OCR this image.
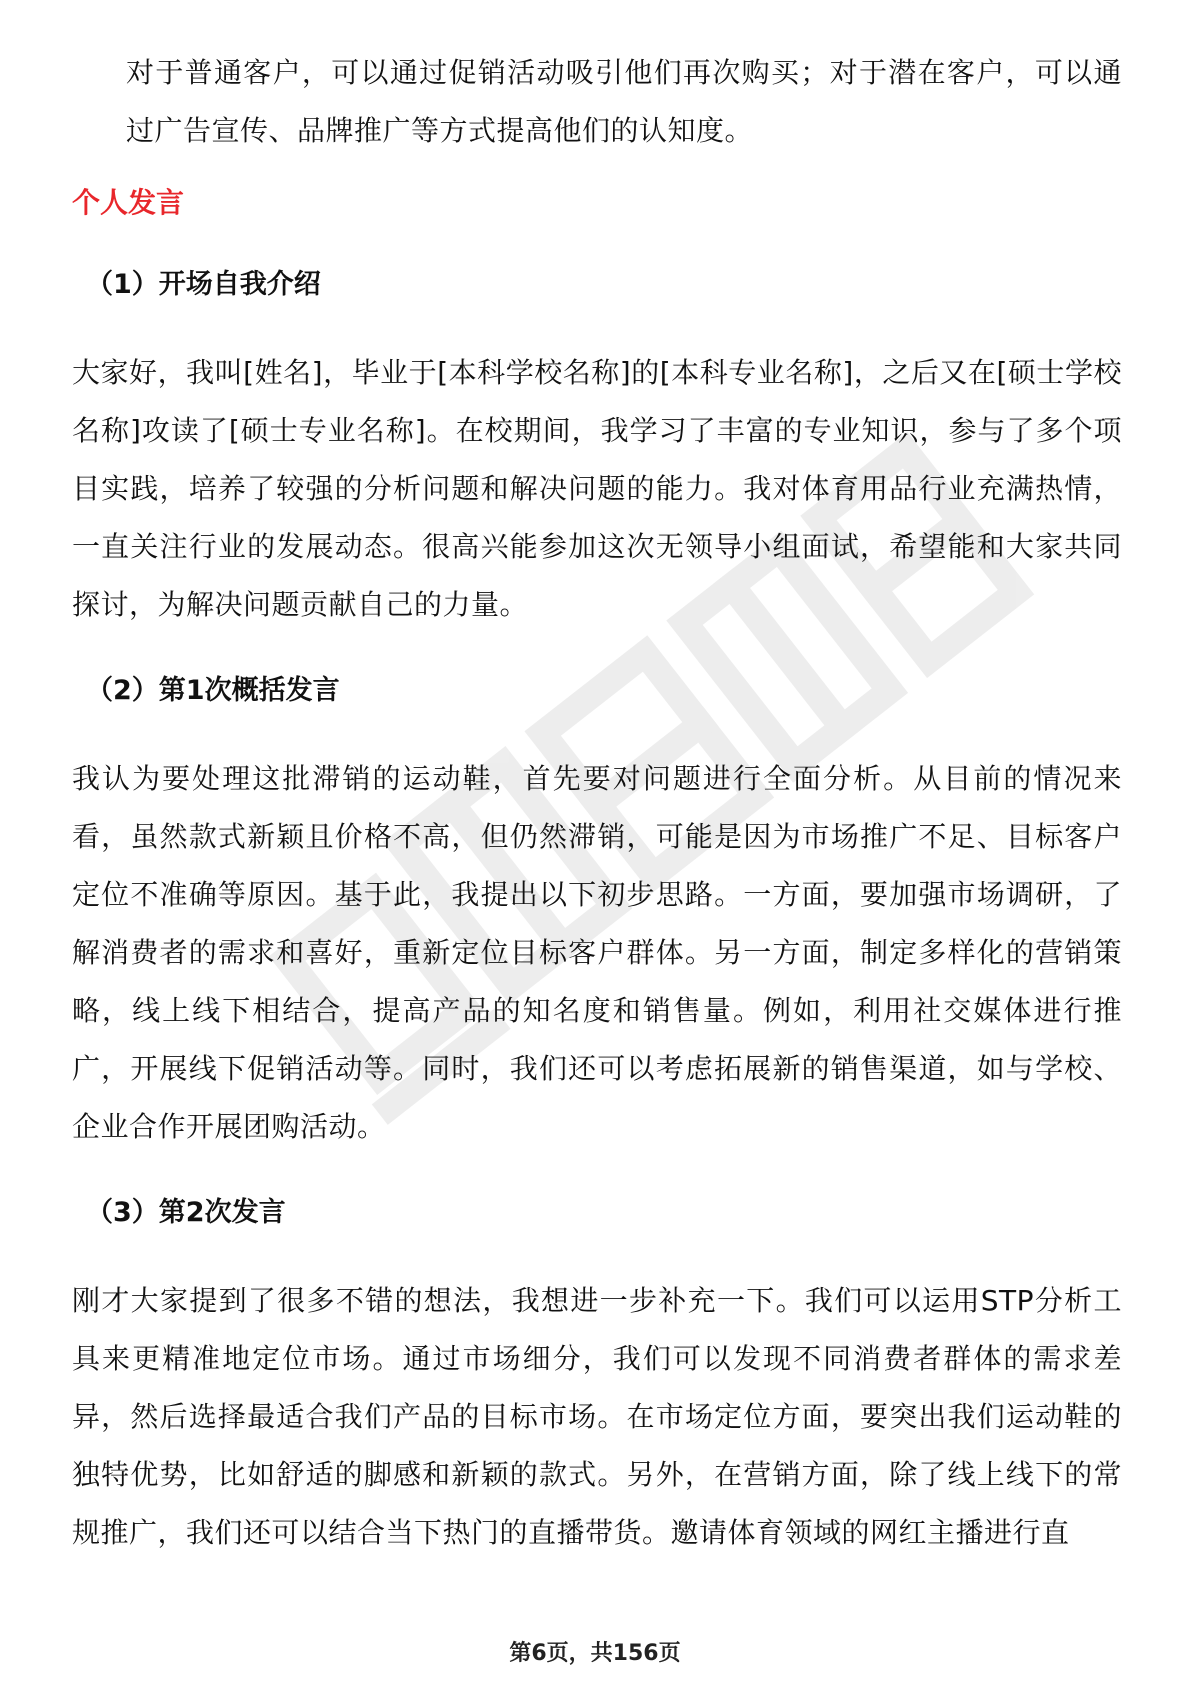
对于普通客户，可以通过促销活动吸引他们再次购买；对于潜在客户，可以通过广告宣传、品牌推广等方式提高他们的认知度。

个人发言
（1）开场自我介绍

大家好，我叫[姓名]，毕业于[本科学校名称]的[本科专业名称]，之后又在[硕士学校名称]攻读了[硕士专业名称]。在校期间，我学习了丰富的专业知识，参与了多个项目实践，培养了较强的分析问题和解决问题的能力。我对体育用品行业充满热情，一直关注行业的发展动态。很高兴能参加这次无领导小组面试，希望能和大家共同探讨，为解决问题贡献自己的力量。

（2）第1次概括发言

我认为要处理这批滞销的运动鞋，首先要对问题进行全面分析。从目前的情况来看，虽然款式新颖且价格不高，但仍然滞销，可能是因为市场推广不足、目标客户定位不准确等原因。基于此，我提出以下初步思路。一方面，要加强市场调研，了解消费者的需求和喜好，重新定位目标客户群体。另一方面，制定多样化的营销策略，线上线下相结合，提高产品的知名度和销售量。例如，利用社交媒体进行推广，开展线下促销活动等。同时，我们还可以考虑拓展新的销售渠道，如与学校、企业合作开展团购活动。

（3）第2次发言

刚才大家提到了很多不错的想法，我想进一步补充一下。我们可以运用STP分析工具来更精准地定位市场。通过市场细分，我们可以发现不同消费者群体的需求差异，然后选择最适合我们产品的目标市场。在市场定位方面，要突出我们运动鞋的独特优势，比如舒适的脚感和新颖的款式。另外，在营销方面，除了线上线下的常规推广，我们还可以结合当下热门的直播带货。邀请体育领域的网红主播进行直

第6页，共156页
